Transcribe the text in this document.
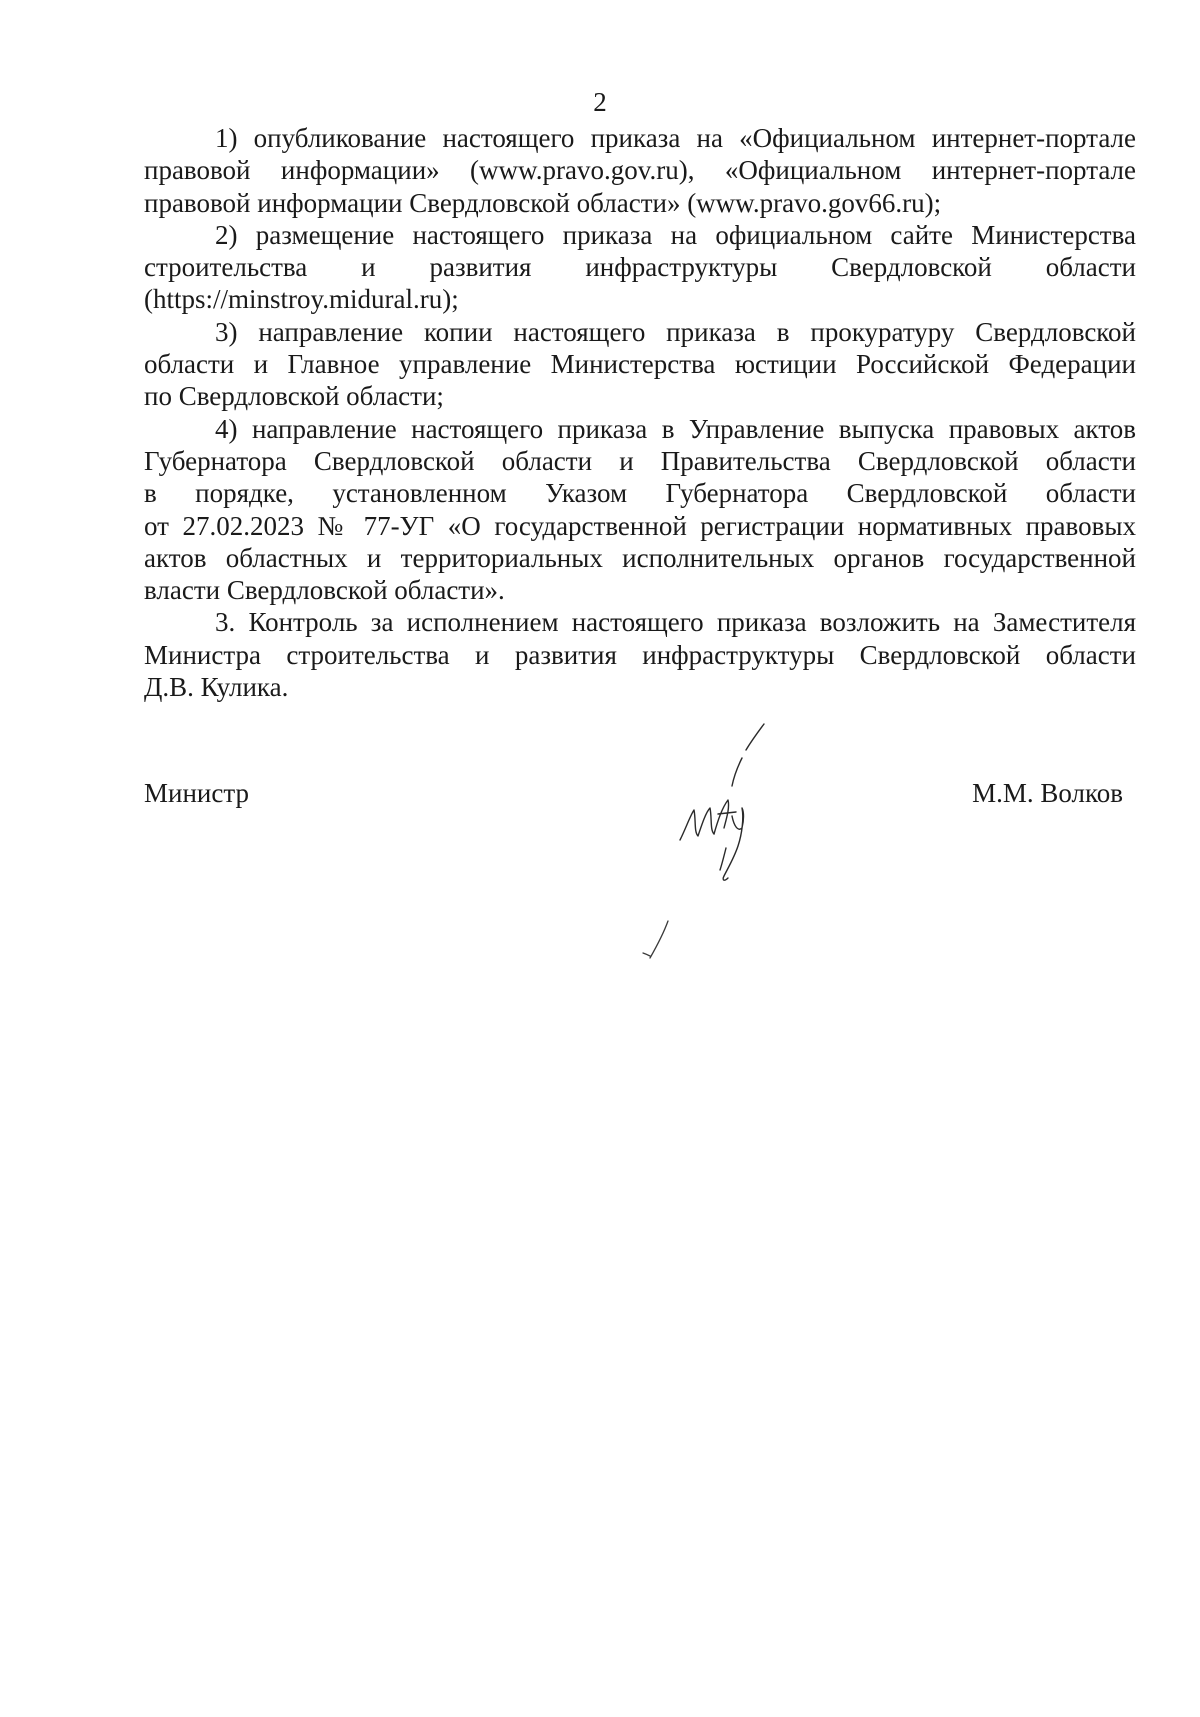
2

1) опубликование настоящего приказа на «Официальном интернет-портале
правовой информации» (www.pravo.gov.ru), «Официальном интернет-портале
правовой информации Свердловской области» (www.pravo.gov66.ru);

2) размещение настоящего приказа на официальном сайте Министерства
строительства и развития инфраструктуры Свердловской области
(https://minstroy.midural.ru);

3) направление копии настоящего приказа в прокуратуру Свердловской
области и Главное управление Министерства юстиции Российской Федерации
по Свердловской области;

4) направление настоящего приказа в Управление выпуска правовых актов
Губернатора Свердловской области и Правительства Свердловской области
в порядке, установленном Указом Губернатора Свердловской области
от 27.02.2023 № 77-УГ «О государственной регистрации нормативных правовых
актов областных и территориальных исполнительных органов государственной
власти Свердловской области».

3. Контроль за исполнением настоящего приказа возложить на Заместителя
Министра строительства и развития инфраструктуры Свердловской области
Д.В. Кулика.

Министр	М.М. Волков
